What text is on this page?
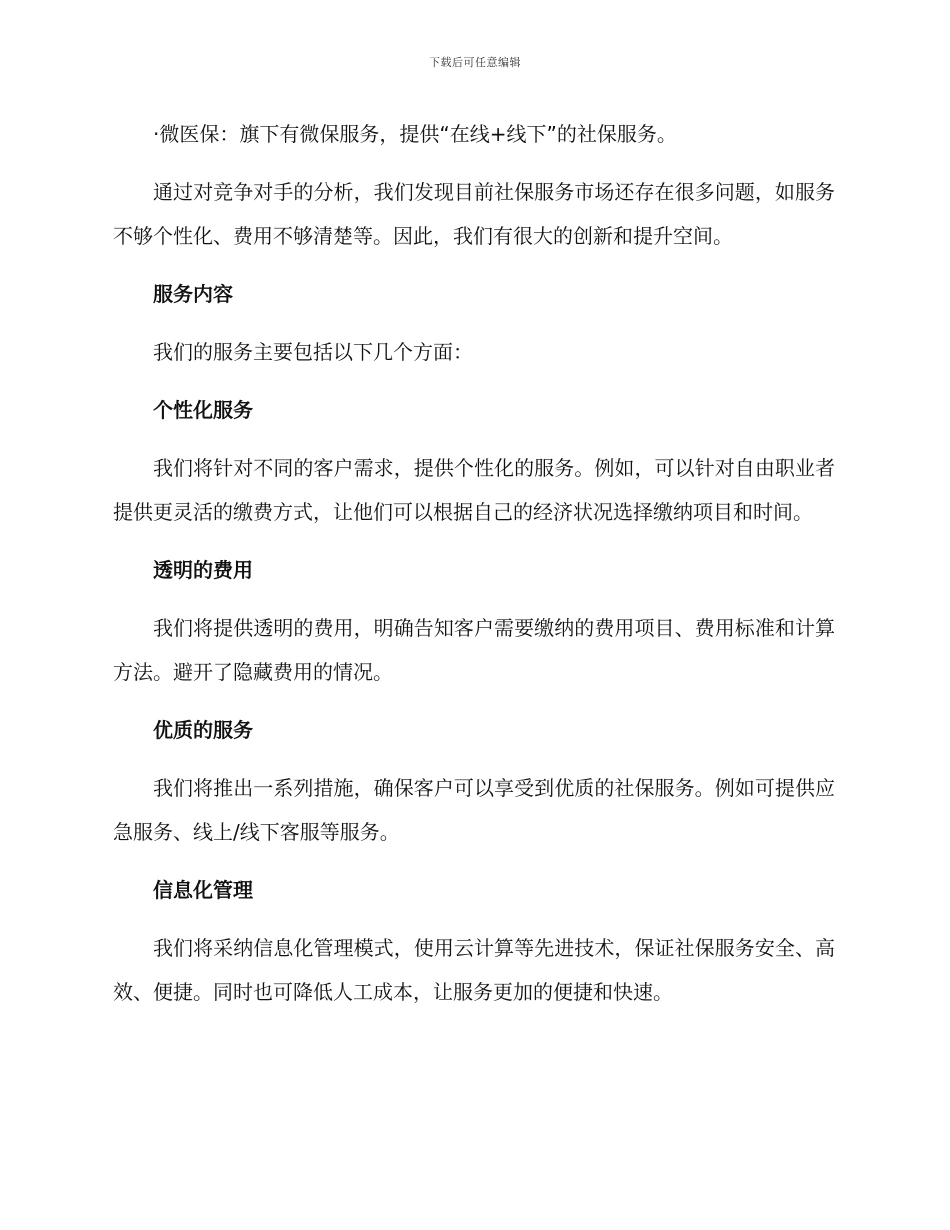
下载后可任意编辑

·微医保：旗下有微保服务，提供“在线+线下”的社保服务。

通过对竞争对手的分析，我们发现目前社保服务市场还存在很多问题，如服务不够个性化、费用不够清楚等。因此，我们有很大的创新和提升空间。

服务内容

我们的服务主要包括以下几个方面：

个性化服务

我们将针对不同的客户需求，提供个性化的服务。例如，可以针对自由职业者提供更灵活的缴费方式，让他们可以根据自己的经济状况选择缴纳项目和时间。

透明的费用

我们将提供透明的费用，明确告知客户需要缴纳的费用项目、费用标准和计算方法。避开了隐藏费用的情况。

优质的服务

我们将推出一系列措施，确保客户可以享受到优质的社保服务。例如可提供应急服务、线上/线下客服等服务。

信息化管理

我们将采纳信息化管理模式，使用云计算等先进技术，保证社保服务安全、高效、便捷。同时也可降低人工成本，让服务更加的便捷和快速。
